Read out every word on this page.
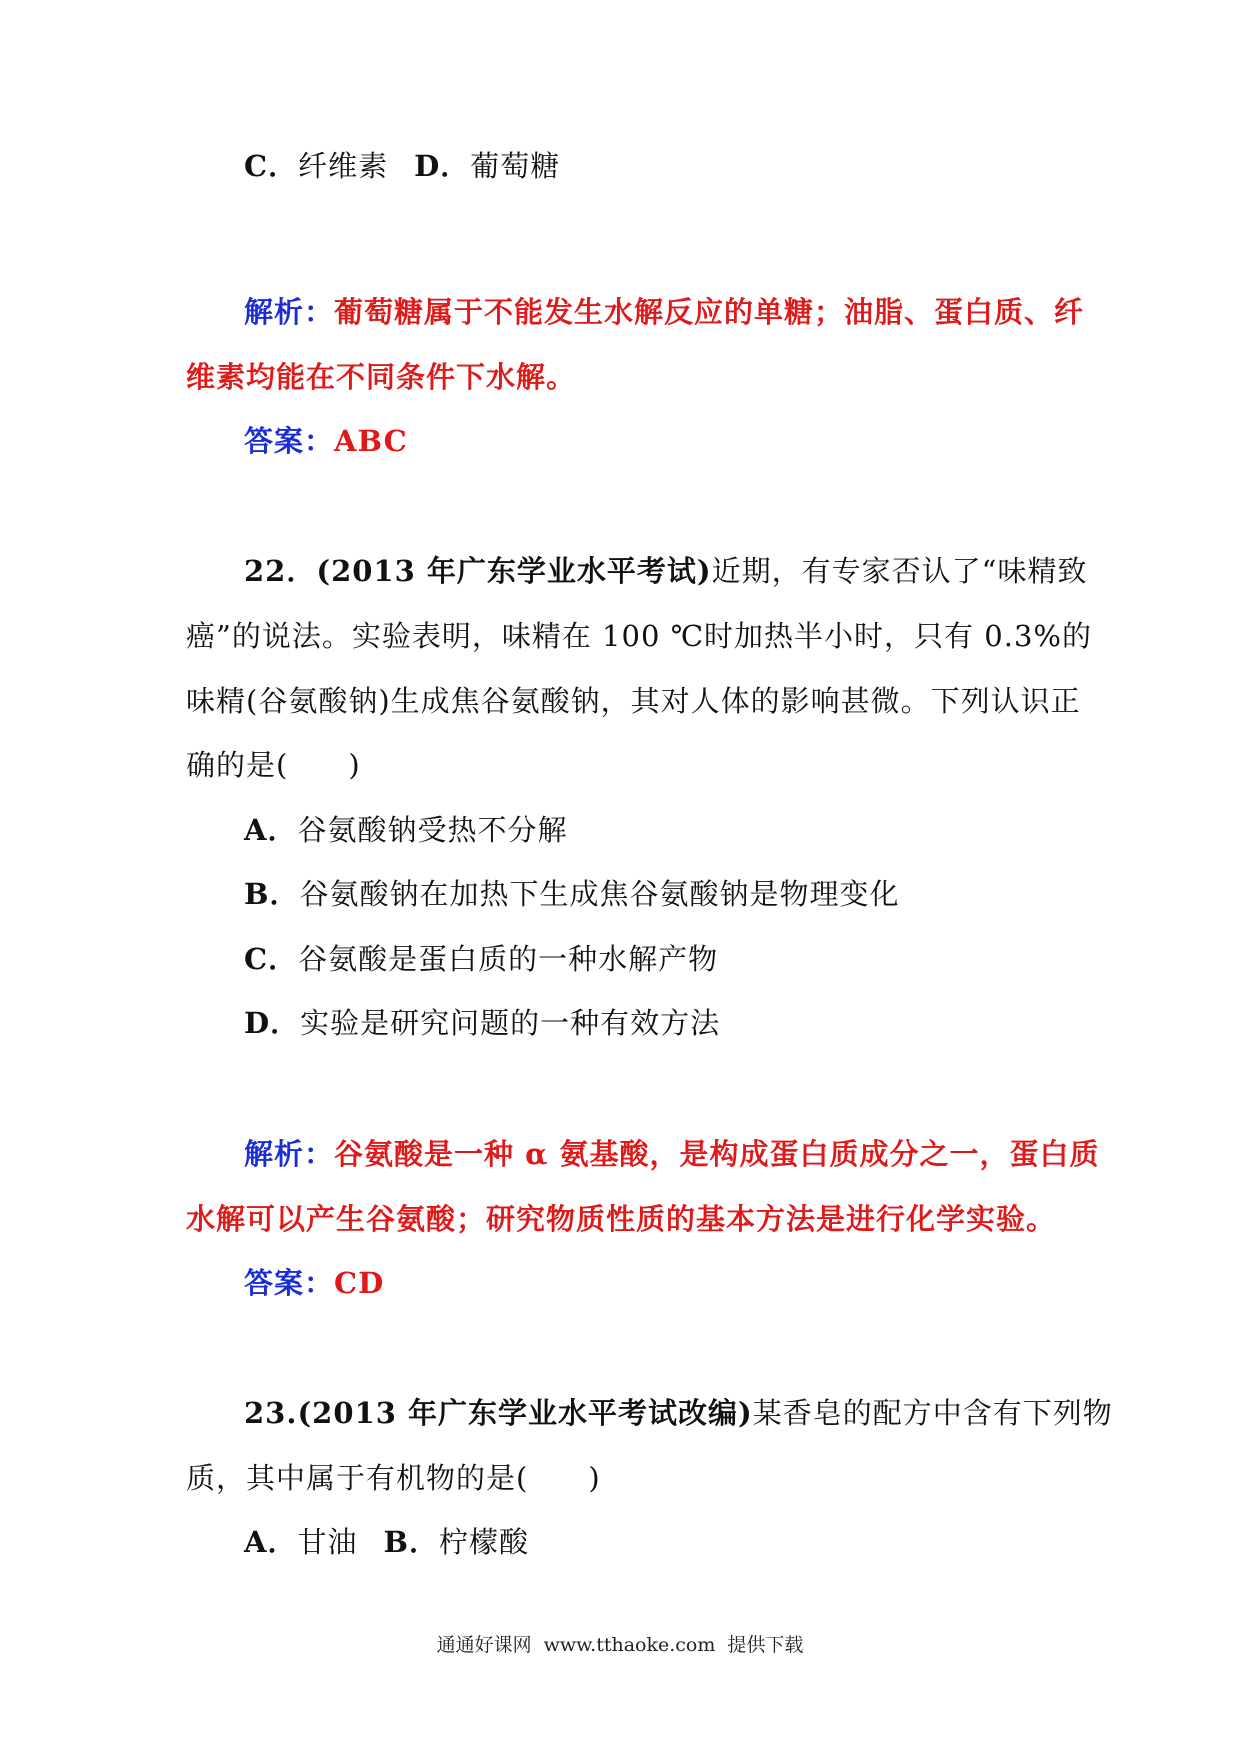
C．纤维素 D．葡萄糖
解析：葡萄糖属于不能发生水解反应的单糖；油脂、蛋白质、纤
维素均能在不同条件下水解。
答案：ABC
22．(2013 年广东学业水平考试)近期，有专家否认了“味精致
癌”的说法。实验表明，味精在 100 ℃时加热半小时，只有 0.3%的
味精(谷氨酸钠)生成焦谷氨酸钠，其对人体的影响甚微。下列认识正
确的是(　　)
A．谷氨酸钠受热不分解
B．谷氨酸钠在加热下生成焦谷氨酸钠是物理变化
C．谷氨酸是蛋白质的一种水解产物
D．实验是研究问题的一种有效方法
解析：谷氨酸是一种 α 氨基酸，是构成蛋白质成分之一，蛋白质
水解可以产生谷氨酸；研究物质性质的基本方法是进行化学实验。
答案：CD
23.(2013 年广东学业水平考试改编)某香皂的配方中含有下列物
质，其中属于有机物的是(　　)
A．甘油 B．柠檬酸
通通好课网 www.tthaoke.com 提供下载
